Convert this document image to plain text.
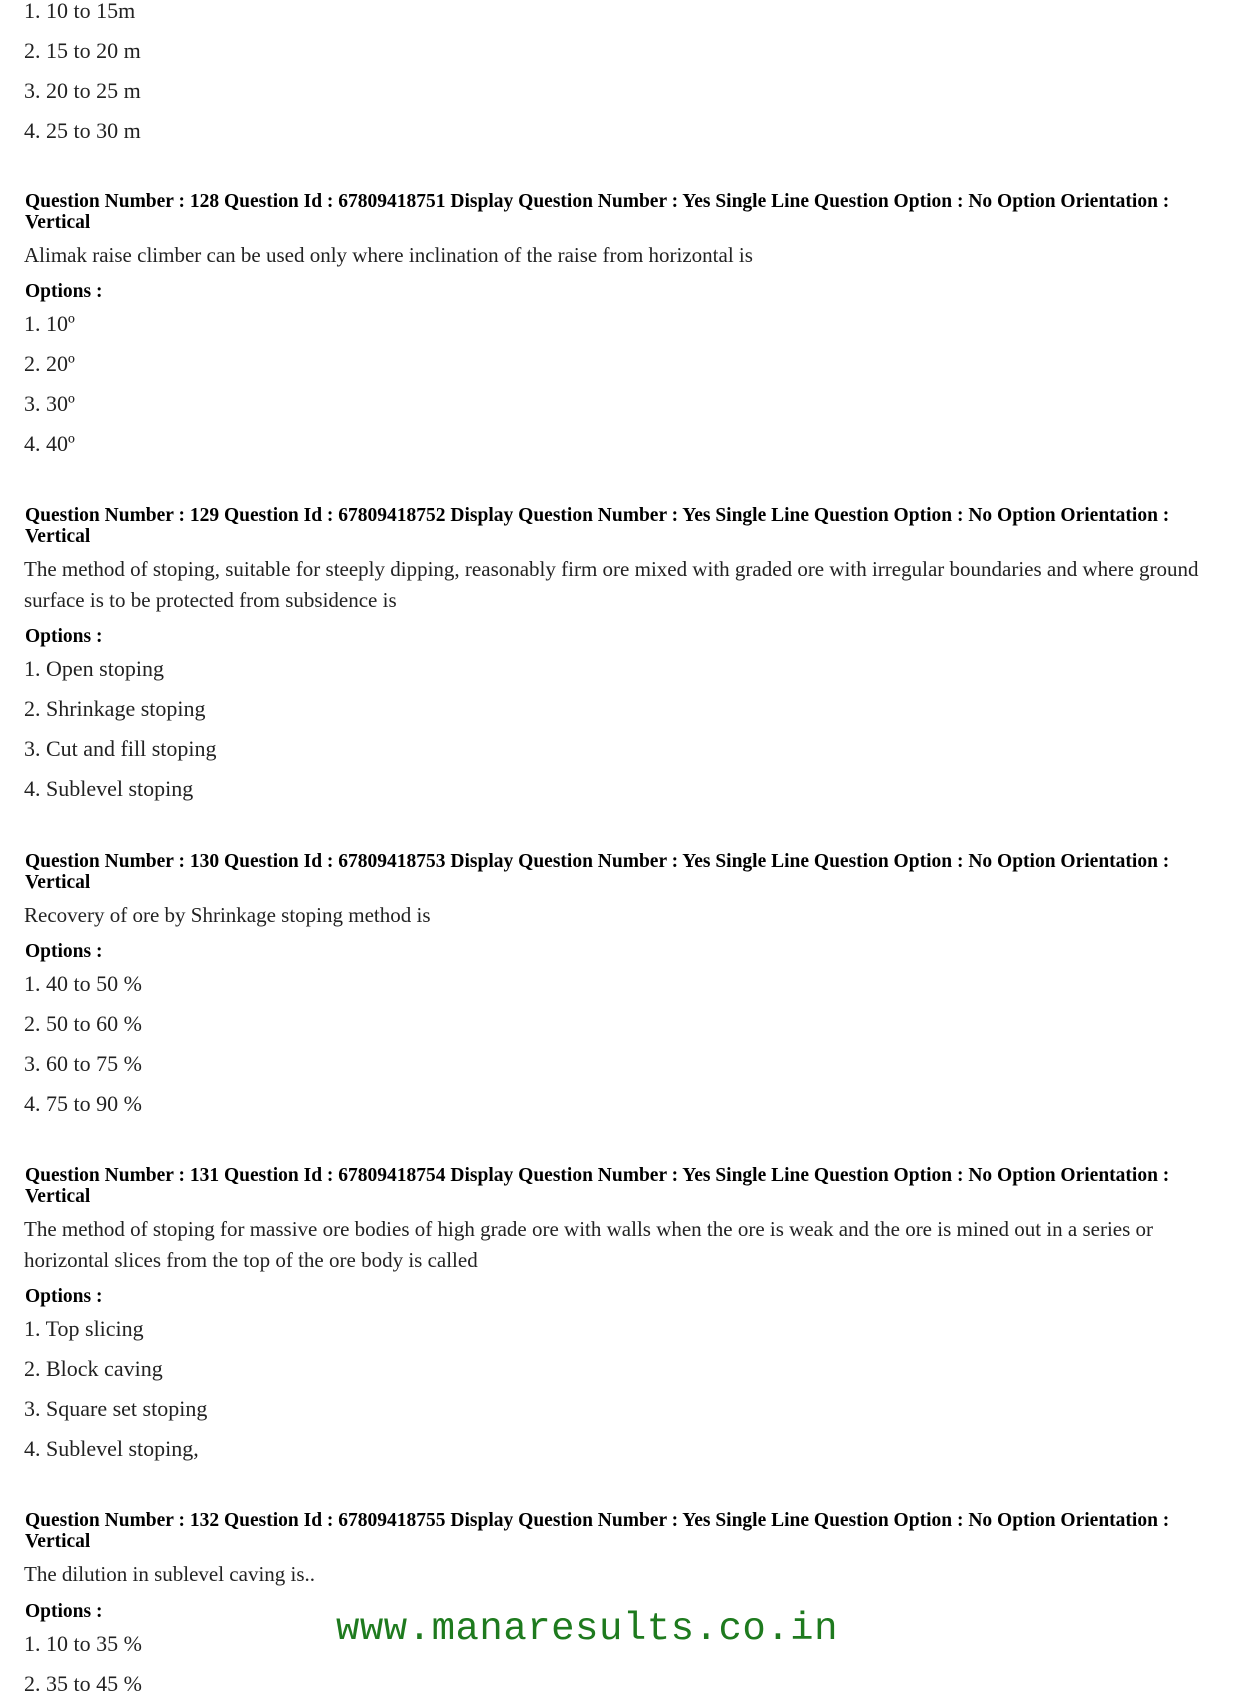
1. 10 to 15m
2. 15 to 20 m
3. 20 to 25 m
4. 25 to 30 m
Question Number : 128 Question Id : 67809418751 Display Question Number : Yes Single Line Question Option : No Option Orientation : Vertical
Alimak raise climber can be used only where inclination of the raise from horizontal is
Options :
1. 10º
2. 20º
3. 30º
4. 40º
Question Number : 129 Question Id : 67809418752 Display Question Number : Yes Single Line Question Option : No Option Orientation : Vertical
The method of stoping, suitable for steeply dipping, reasonably firm ore mixed with graded ore with irregular boundaries and where ground surface is to be protected from subsidence is
Options :
1. Open stoping
2. Shrinkage stoping
3. Cut and fill stoping
4. Sublevel stoping
Question Number : 130 Question Id : 67809418753 Display Question Number : Yes Single Line Question Option : No Option Orientation : Vertical
Recovery of ore by Shrinkage stoping method is
Options :
1. 40 to 50 %
2. 50 to 60 %
3. 60 to 75 %
4. 75 to 90 %
Question Number : 131 Question Id : 67809418754 Display Question Number : Yes Single Line Question Option : No Option Orientation : Vertical
The method of stoping for massive ore bodies of high grade ore with walls when the ore is weak and the ore is mined out in a series or horizontal slices from the top of the ore body is called
Options :
1. Top slicing
2. Block caving
3. Square set stoping
4. Sublevel stoping,
Question Number : 132 Question Id : 67809418755 Display Question Number : Yes Single Line Question Option : No Option Orientation : Vertical
The dilution in sublevel caving is..
Options :
1. 10 to 35 %
2. 35 to 45 %
www.manaresults.co.in
